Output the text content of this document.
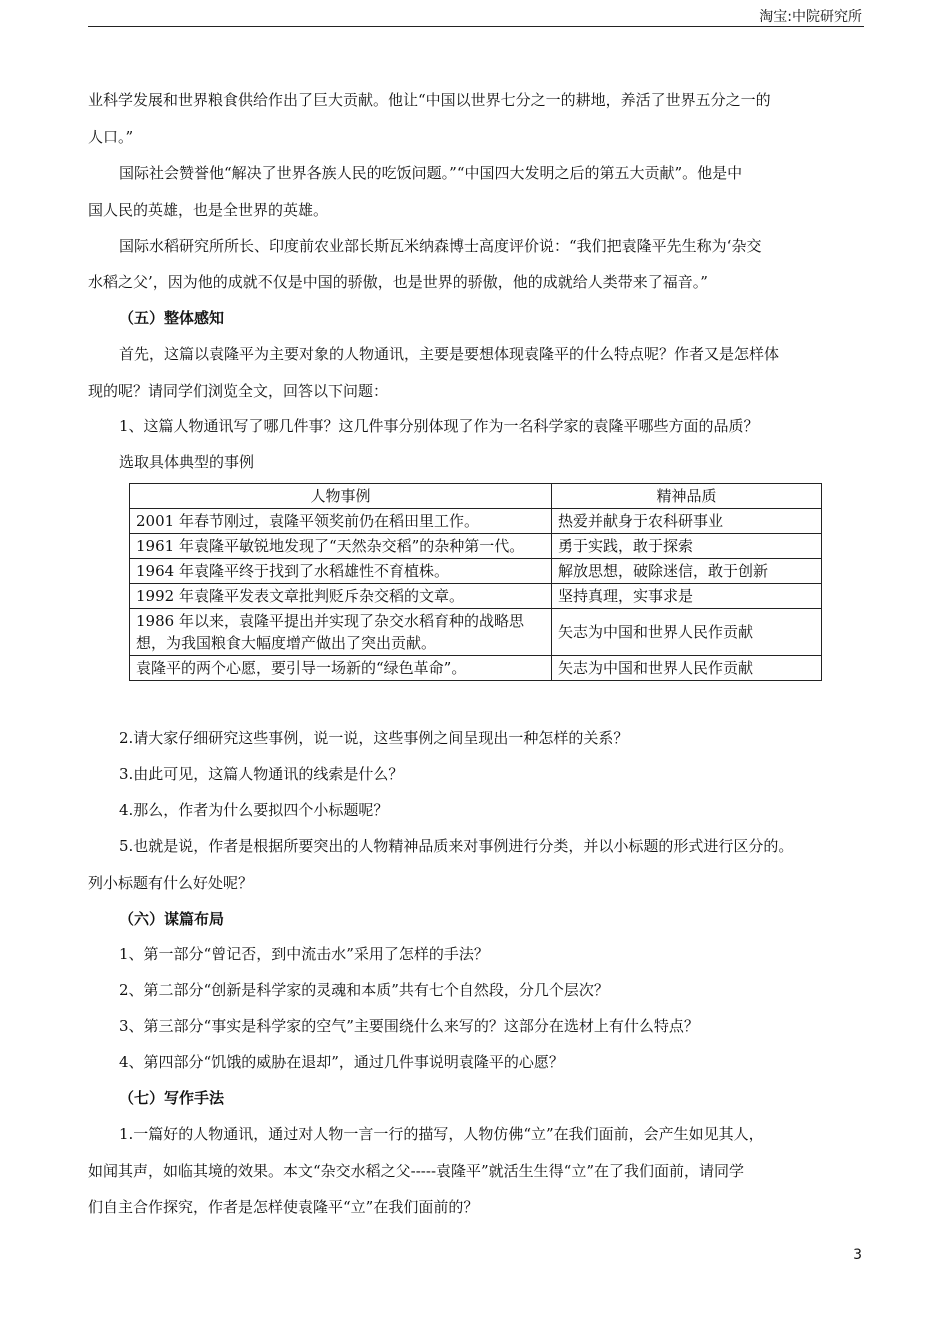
淘宝:中院研究所
业科学发展和世界粮食供给作出了巨大贡献。他让“中国以世界七分之一的耕地，养活了世界五分之一的
人口。”
国际社会赞誉他“解决了世界各族人民的吃饭问题。”“中国四大发明之后的第五大贡献”。他是中
国人民的英雄，也是全世界的英雄。
国际水稻研究所所长、印度前农业部长斯瓦米纳森博士高度评价说：“我们把袁隆平先生称为‘杂交
水稻之父’，因为他的成就不仅是中国的骄傲，也是世界的骄傲，他的成就给人类带来了福音。”
（五）整体感知
首先，这篇以袁隆平为主要对象的人物通讯，主要是要想体现袁隆平的什么特点呢？作者又是怎样体
现的呢？请同学们浏览全文，回答以下问题：
1、这篇人物通讯写了哪几件事？这几件事分别体现了作为一名科学家的袁隆平哪些方面的品质？
选取具体典型的事例
人物事例	精神品质
2001 年春节刚过，袁隆平领奖前仍在稻田里工作。	热爱并献身于农科研事业
1961 年袁隆平敏锐地发现了“天然杂交稻”的杂种第一代。	勇于实践，敢于探索
1964 年袁隆平终于找到了水稻雄性不育植株。	解放思想，破除迷信，敢于创新
1992 年袁隆平发表文章批判贬斥杂交稻的文章。	坚持真理，实事求是
1986 年以来，袁隆平提出并实现了杂交水稻育种的战略思想，为我国粮食大幅度增产做出了突出贡献。	矢志为中国和世界人民作贡献
袁隆平的两个心愿，要引导一场新的“绿色革命”。	矢志为中国和世界人民作贡献
2.请大家仔细研究这些事例，说一说，这些事例之间呈现出一种怎样的关系？
3.由此可见，这篇人物通讯的线索是什么？
4.那么，作者为什么要拟四个小标题呢？
5.也就是说，作者是根据所要突出的人物精神品质来对事例进行分类，并以小标题的形式进行区分的。
列小标题有什么好处呢？
（六）谋篇布局
1、第一部分“曾记否，到中流击水”采用了怎样的手法？
2、第二部分“创新是科学家的灵魂和本质”共有七个自然段，分几个层次？
3、第三部分“事实是科学家的空气”主要围绕什么来写的？这部分在选材上有什么特点？
4、第四部分“饥饿的威胁在退却”，通过几件事说明袁隆平的心愿？
（七）写作手法
1.一篇好的人物通讯，通过对人物一言一行的描写，人物仿佛“立”在我们面前，会产生如见其人，
如闻其声，如临其境的效果。本文“杂交水稻之父-----袁隆平”就活生生得“立”在了我们面前，请同学
们自主合作探究，作者是怎样使袁隆平“立”在我们面前的？
3
